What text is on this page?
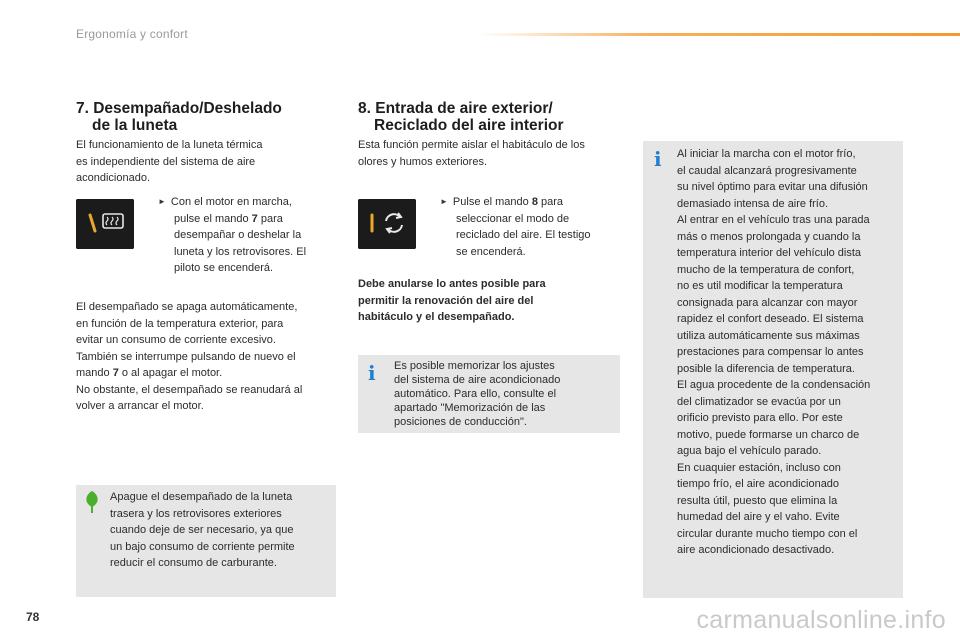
Ergonomía y confort
7. Desempañado/Deshelado
de la luneta

El funcionamiento de la luneta térmica

es independiente del sistema de aire

acondicionado.

► Con el motor en marcha,

pulse el mando 7 para

desempañar o deshelar la

luneta y los retrovisores. El

piloto se encenderá.

El desempañado se apaga automáticamente,

en función de la temperatura exterior, para

evitar un consumo de corriente excesivo.

También se interrumpe pulsando de nuevo el

mando 7 o al apagar el motor.

No obstante, el desempañado se reanudará al

volver a arrancar el motor.

Apague el desempañado de la luneta

trasera y los retrovisores exteriores

cuando deje de ser necesario, ya que

un bajo consumo de corriente permite

reducir el consumo de carburante.

8. Entrada de aire exterior/
Reciclado del aire interior

Esta función permite aislar el habitáculo de los

olores y humos exteriores.

► Pulse el mando 8 para

seleccionar el modo de

reciclado del aire. El testigo

se encenderá.

Debe anularse lo antes posible para

permitir la renovación del aire del

habitáculo y el desempañado.

i Es posible memorizar los ajustes

del sistema de aire acondicionado

automático. Para ello, consulte el

apartado "Memorización de las

posiciones de conducción".

i Al iniciar la marcha con el motor frío,

el caudal alcanzará progresivamente

su nivel óptimo para evitar una difusión

demasiado intensa de aire frío.

Al entrar en el vehículo tras una parada

más o menos prolongada y cuando la

temperatura interior del vehículo dista

mucho de la temperatura de confort,

no es util modificar la temperatura

consignada para alcanzar con mayor

rapidez el confort deseado. El sistema

utiliza automáticamente sus máximas

prestaciones para compensar lo antes

posible la diferencia de temperatura.

El agua procedente de la condensación

del climatizador se evacúa por un

orificio previsto para ello. Por este

motivo, puede formarse un charco de

agua bajo el vehículo parado.

En cuaquier estación, incluso con

tiempo frío, el aire acondicionado

resulta útil, puesto que elimina la

humedad del aire y el vaho. Evite

circular durante mucho tiempo con el

aire acondicionado desactivado.

78	carmanualsonline.info
